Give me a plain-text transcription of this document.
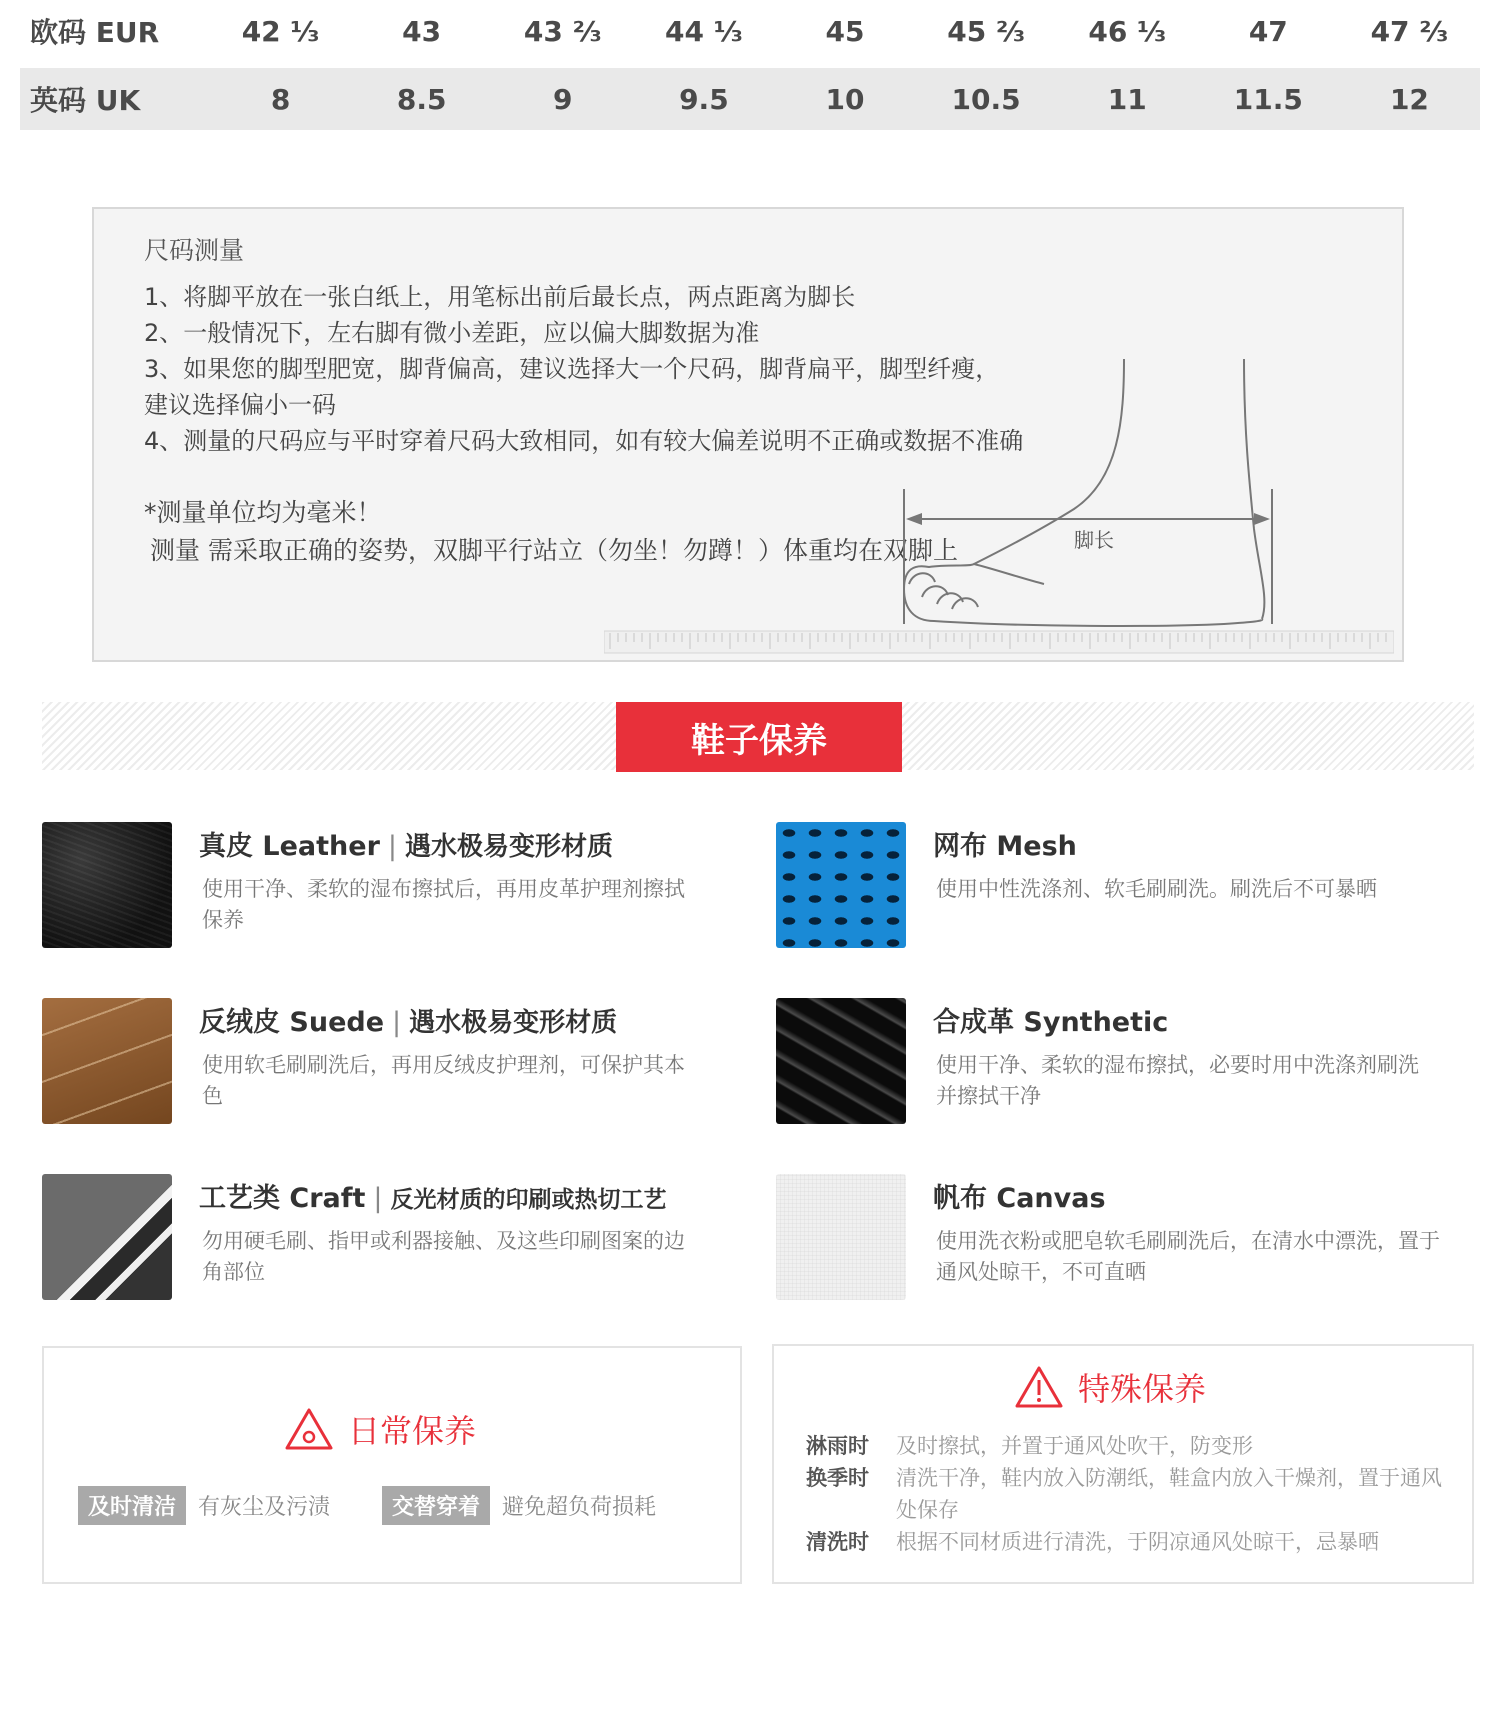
欧码 EUR	42 ⅓	43	43 ⅔	44 ⅓	45	45 ⅔	46 ⅓	47	47 ⅔
英码 UK	8	8.5	9	9.5	10	10.5	11	11.5	12
尺码测量
1、将脚平放在一张白纸上，用笔标出前后最长点，两点距离为脚长
2、一般情况下，左右脚有微小差距，应以偏大脚数据为准
3、如果您的脚型肥宽，脚背偏高，建议选择大一个尺码，脚背扁平，脚型纤瘦，
建议选择偏小一码
4、测量的尺码应与平时穿着尺码大致相同，如有较大偏差说明不正确或数据不准确
*测量单位均为毫米！
测量 需采取正确的姿势，双脚平行站立（勿坐！勿蹲！）体重均在双脚上	脚长
鞋子保养
真皮 Leather | 遇水极易变形材质
使用干净、柔软的湿布擦拭后，再用皮革护理剂擦拭保养
网布 Mesh
使用中性洗涤剂、软毛刷刷洗。刷洗后不可暴晒
反绒皮 Suede | 遇水极易变形材质
使用软毛刷刷洗后，再用反绒皮护理剂，可保护其本色
合成革 Synthetic
使用干净、柔软的湿布擦拭，必要时用中洗涤剂刷洗并擦拭干净
工艺类 Craft | 反光材质的印刷或热切工艺
勿用硬毛刷、指甲或利器接触、及这些印刷图案的边角部位
帆布 Canvas
使用洗衣粉或肥皂软毛刷刷洗后，在清水中漂洗，置于通风处晾干，不可直晒
日常保养
及时清洁	有灰尘及污渍	交替穿着	避免超负荷损耗
特殊保养
淋雨时	及时擦拭，并置于通风处吹干，防变形
换季时	清洗干净，鞋内放入防潮纸，鞋盒内放入干燥剂，置于通风处保存
清洗时	根据不同材质进行清洗，于阴凉通风处晾干，忌暴晒
